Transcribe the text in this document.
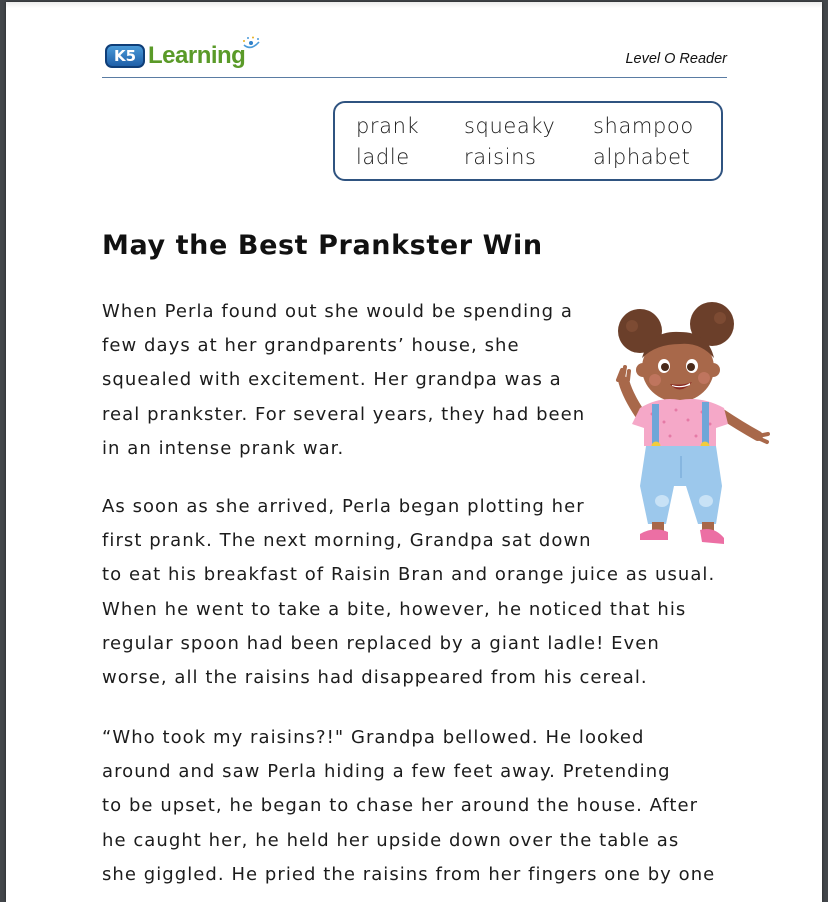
K5 Learning	Level O Reader
prank squeaky shampoo
ladle	raisins	alphabet
May the Best Prankster Win
When Perla found out she would be spending a
few days at her grandparents’ house, she
squealed with excitement. Her grandpa was a
real prankster. For several years, they had been
in an intense prank war.
As soon as she arrived, Perla began plotting her
first prank. The next morning, Grandpa sat down
to eat his breakfast of Raisin Bran and orange juice as usual.
When he went to take a bite, however, he noticed that his
regular spoon had been replaced by a giant ladle! Even
worse, all the raisins had disappeared from his cereal.
“Who took my raisins?!" Grandpa bellowed. He looked
around and saw Perla hiding a few feet away. Pretending
to be upset, he began to chase her around the house. After
he caught her, he held her upside down over the table as
she giggled. He pried the raisins from her fingers one by one
